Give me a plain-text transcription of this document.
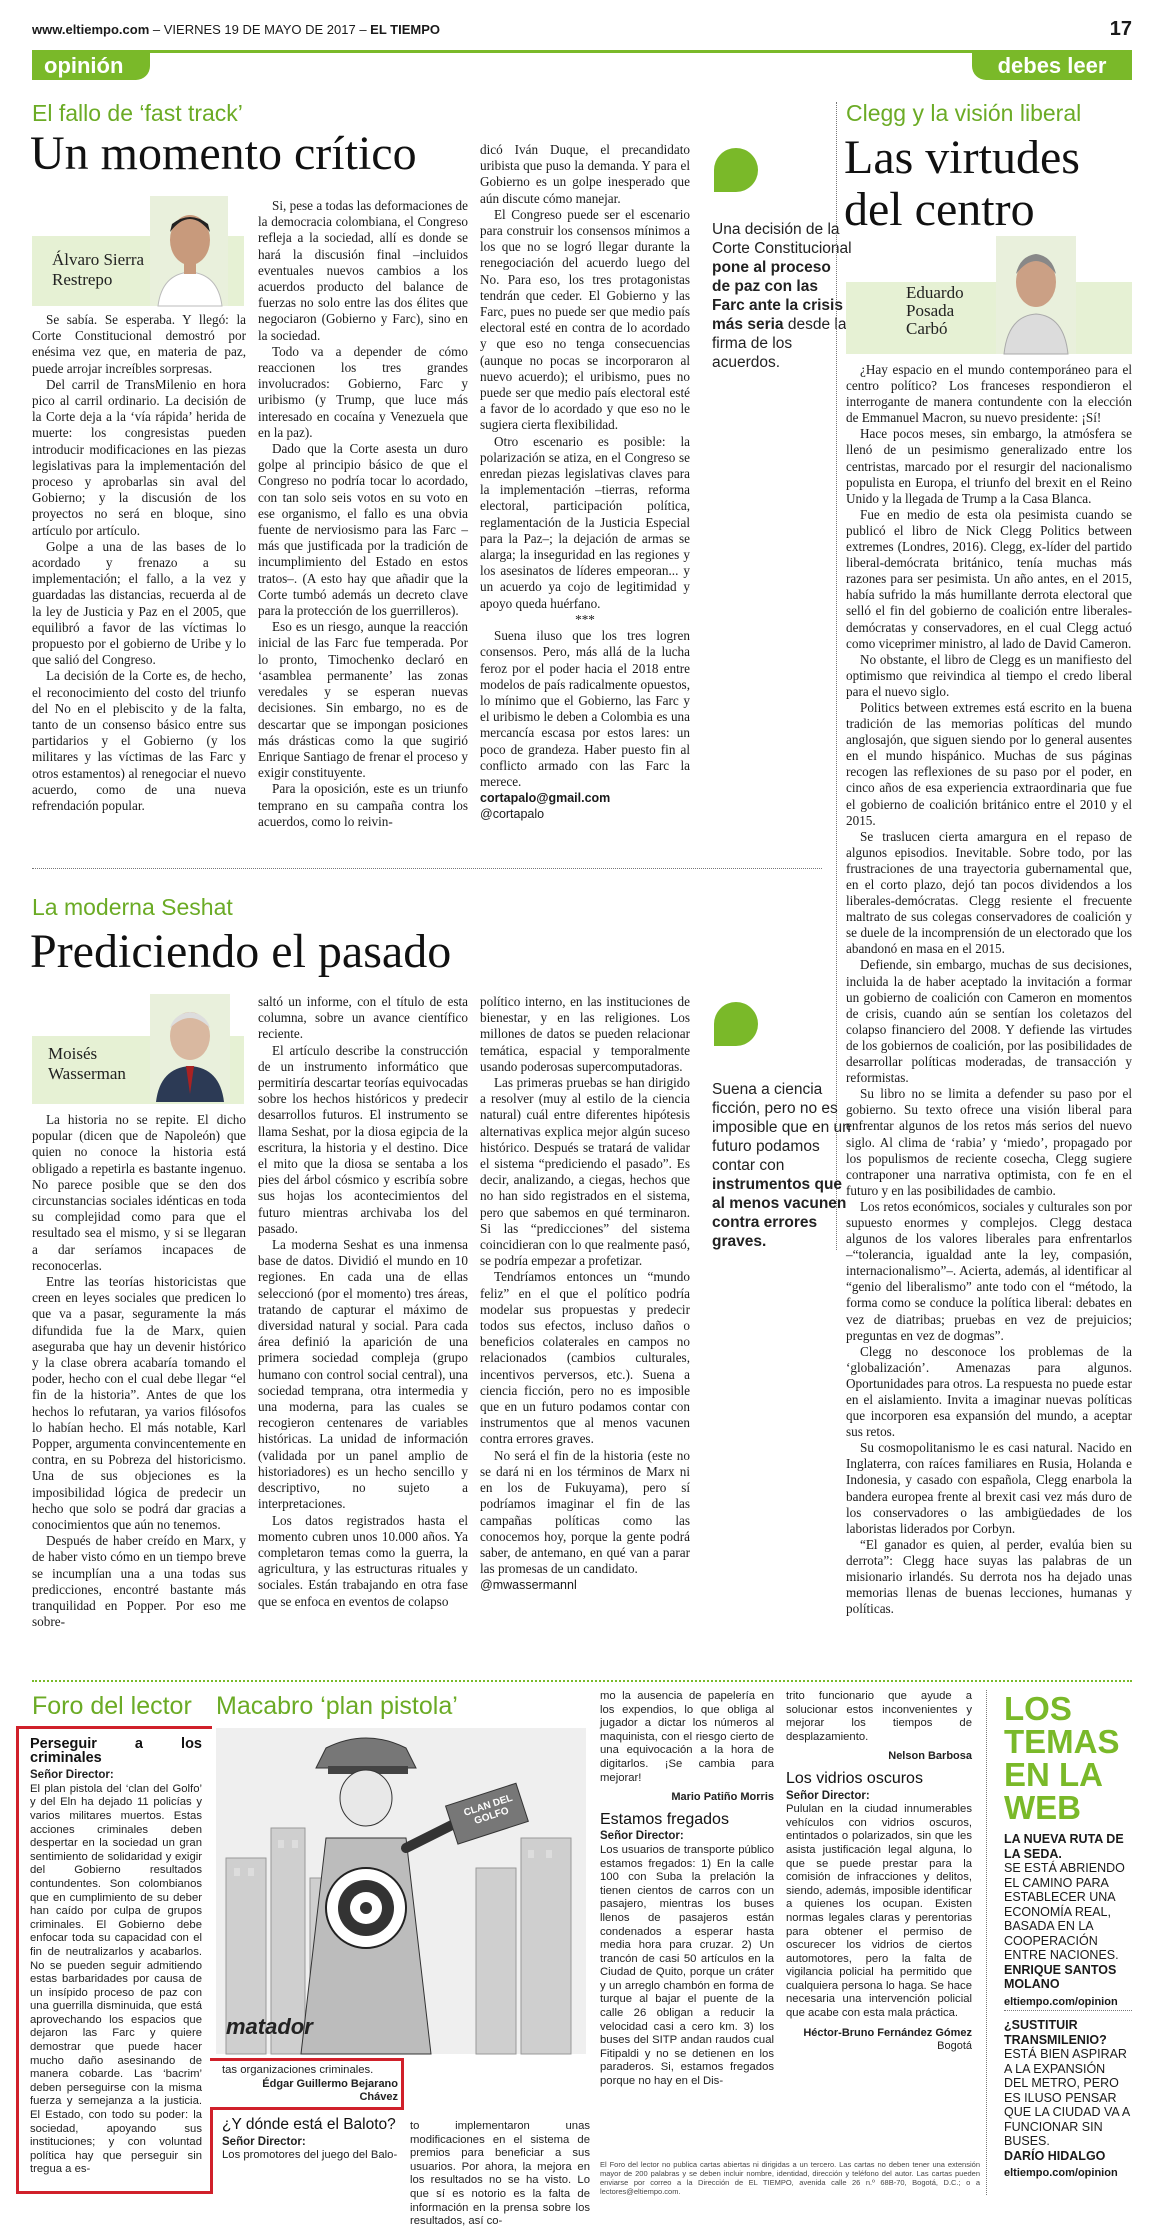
www.eltiempo.com – VIERNES 19 DE MAYO DE 2017 – EL TIEMPO	17
opinión	debes leer
El fallo de ‘fast track’
Un momento crítico
Álvaro Sierra
Restrepo

Se sabía. Se esperaba. Y llegó: la Corte Constitucional demostró por enésima vez que, en materia de paz, puede arrojar increíbles sorpresas.

Del carril de TransMilenio en hora pico al carril ordinario. La decisión de la Corte deja a la ‘vía rápida’ herida de muerte: los congresistas pueden introducir modificaciones en las piezas legislativas para la implementación del proceso y aprobarlas sin aval del Gobierno; y la discusión de los proyectos no será en bloque, sino artículo por artículo.

Golpe a una de las bases de lo acordado y frenazo a su implementación; el fallo, a la vez y guardadas las distancias, recuerda al de la ley de Justicia y Paz en el 2005, que equilibró a favor de las víctimas lo propuesto por el gobierno de Uribe y lo que salió del Congreso.

La decisión de la Corte es, de hecho, el reconocimiento del costo del triunfo del No en el plebiscito y de la falta, tanto de un consenso básico entre sus partidarios y el Gobierno (y los militares y las víctimas de las Farc y otros estamentos) al renegociar el nuevo acuerdo, como de una nueva refrendación popular.

Si, pese a todas las deformaciones de la democracia colombiana, el Congreso refleja a la sociedad, allí es donde se hará la discusión final –incluidos eventuales nuevos cambios a los acuerdos producto del balance de fuerzas no solo entre las dos élites que negociaron (Gobierno y Farc), sino en la sociedad.

Todo va a depender de cómo reaccionen los tres grandes involucrados: Gobierno, Farc y uribismo (y Trump, que luce más interesado en cocaína y Venezuela que en la paz).

Dado que la Corte asesta un duro golpe al principio básico de que el Congreso no podría tocar lo acordado, con tan solo seis votos en su voto en ese organismo, el fallo es una obvia fuente de nerviosismo para las Farc –más que justificada por la tradición de incumplimiento del Estado en estos tratos–. (A esto hay que añadir que la Corte tumbó además un decreto clave para la protección de los guerrilleros).

Eso es un riesgo, aunque la reacción inicial de las Farc fue temperada. Por lo pronto, Timochenko declaró en ‘asamblea permanente’ las zonas veredales y se esperan nuevas decisiones. Sin embargo, no es de descartar que se impongan posiciones más drásticas como la que sugirió Enrique Santiago de frenar el proceso y exigir constituyente.

Para la oposición, este es un triunfo temprano en su campaña contra los acuerdos, como lo reivin-

dicó Iván Duque, el precandidato uribista que puso la demanda. Y para el Gobierno es un golpe inesperado que aún discute cómo manejar.

El Congreso puede ser el escenario para construir los consensos mínimos a los que no se logró llegar durante la renegociación del acuerdo luego del No. Para eso, los tres protagonistas tendrán que ceder. El Gobierno y las Farc, pues no puede ser que medio país electoral esté en contra de lo acordado y que eso no tenga consecuencias (aunque no pocas se incorporaron al nuevo acuerdo); el uribismo, pues no puede ser que medio país electoral esté a favor de lo acordado y que eso no le sugiera cierta flexibilidad.

Otro escenario es posible: la polarización se atiza, en el Congreso se enredan piezas legislativas claves para la implementación –tierras, reforma electoral, participación política, reglamentación de la Justicia Especial para la Paz–; la dejación de armas se alarga; la inseguridad en las regiones y los asesinatos de líderes empeoran... y un acuerdo ya cojo de legitimidad y apoyo queda huérfano.

***

Suena iluso que los tres logren consensos. Pero, más allá de la lucha feroz por el poder hacia el 2018 entre modelos de país radicalmente opuestos, lo mínimo que el Gobierno, las Farc y el uribismo le deben a Colombia es una mercancía escasa por estos lares: un poco de grandeza. Haber puesto fin al conflicto armado con las Farc la merece.

cortapalo@gmail.com

@cortapalo

Una decisión de la Corte Constitucional pone al proceso de paz con las Farc ante la crisis más seria desde la firma de los acuerdos.
La moderna Seshat
Prediciendo el pasado
Moisés
Wasserman

La historia no se repite. El dicho popular (dicen que de Napoleón) que quien no conoce la historia está obligado a repetirla es bastante ingenuo. No parece posible que se den dos circunstancias sociales idénticas en toda su complejidad como para que el resultado sea el mismo, y si se llegaran a dar seríamos incapaces de reconocerlas.

Entre las teorías historicistas que creen en leyes sociales que predicen lo que va a pasar, seguramente la más difundida fue la de Marx, quien aseguraba que hay un devenir histórico y la clase obrera acabaría tomando el poder, hecho con el cual debe llegar “el fin de la historia”. Antes de que los hechos lo refutaran, ya varios filósofos lo habían hecho. El más notable, Karl Popper, argumenta convincentemente en contra, en su Pobreza del historicismo. Una de sus objeciones es la imposibilidad lógica de predecir un hecho que solo se podrá dar gracias a conocimientos que aún no tenemos.

Después de haber creído en Marx, y de haber visto cómo en un tiempo breve se incumplían una a una todas sus predicciones, encontré bastante más tranquilidad en Popper. Por eso me sobre-

saltó un informe, con el título de esta columna, sobre un avance científico reciente.

El artículo describe la construcción de un instrumento informático que permitiría descartar teorías equivocadas sobre los hechos históricos y predecir desarrollos futuros. El instrumento se llama Seshat, por la diosa egipcia de la escritura, la historia y el destino. Dice el mito que la diosa se sentaba a los pies del árbol cósmico y escribía sobre sus hojas los acontecimientos del futuro mientras archivaba los del pasado.

La moderna Seshat es una inmensa base de datos. Dividió el mundo en 10 regiones. En cada una de ellas seleccionó (por el momento) tres áreas, tratando de capturar el máximo de diversidad natural y social. Para cada área definió la aparición de una primera sociedad compleja (grupo humano con control social central), una sociedad temprana, otra intermedia y una moderna, para las cuales se recogieron centenares de variables históricas. La unidad de información (validada por un panel amplio de historiadores) es un hecho sencillo y descriptivo, no sujeto a interpretaciones.

Los datos registrados hasta el momento cubren unos 10.000 años. Ya completaron temas como la guerra, la agricultura, y las estructuras rituales y sociales. Están trabajando en otra fase que se enfoca en eventos de colapso

político interno, en las instituciones de bienestar, y en las religiones. Los millones de datos se pueden relacionar temática, espacial y temporalmente usando poderosas supercomputadoras.

Las primeras pruebas se han dirigido a resolver (muy al estilo de la ciencia natural) cuál entre diferentes hipótesis alternativas explica mejor algún suceso histórico. Después se tratará de validar el sistema “prediciendo el pasado”. Es decir, analizando, a ciegas, hechos que no han sido registrados en el sistema, pero que sabemos en qué terminaron. Si las “predicciones” del sistema coincidieran con lo que realmente pasó, se podría empezar a profetizar.

Tendríamos entonces un “mundo feliz” en el que el político podría modelar sus propuestas y predecir todos sus efectos, incluso daños o beneficios colaterales en campos no relacionados (cambios culturales, incentivos perversos, etc.). Suena a ciencia ficción, pero no es imposible que en un futuro podamos contar con instrumentos que al menos vacunen contra errores graves.

No será el fin de la historia (este no se dará ni en los términos de Marx ni en los de Fukuyama), pero sí podríamos imaginar el fin de las campañas políticas como las conocemos hoy, porque la gente podrá saber, de antemano, en qué van a parar las promesas de un candidato.

@mwassermannl

Suena a ciencia ficción, pero no es imposible que en un futuro podamos contar con instrumentos que al menos vacunen contra errores graves.
Clegg y la visión liberal
Las virtudes
del centro
Eduardo
Posada
Carbó

¿Hay espacio en el mundo contemporáneo para el centro político? Los franceses respondieron el interrogante de manera contundente con la elección de Emmanuel Macron, su nuevo presidente: ¡Sí!

Hace pocos meses, sin embargo, la atmósfera se llenó de un pesimismo generalizado entre los centristas, marcado por el resurgir del nacionalismo populista en Europa, el triunfo del brexit en el Reino Unido y la llegada de Trump a la Casa Blanca.

Fue en medio de esta ola pesimista cuando se publicó el libro de Nick Clegg Politics between extremes (Londres, 2016). Clegg, ex-líder del partido liberal-demócrata británico, tenía muchas más razones para ser pesimista. Un año antes, en el 2015, había sufrido la más humillante derrota electoral que selló el fin del gobierno de coalición entre liberales-demócratas y conservadores, en el cual Clegg actuó como viceprimer ministro, al lado de David Cameron.

No obstante, el libro de Clegg es un manifiesto del optimismo que reivindica al tiempo el credo liberal para el nuevo siglo.

Politics between extremes está escrito en la buena tradición de las memorias políticas del mundo anglosajón, que siguen siendo por lo general ausentes en el mundo hispánico. Muchas de sus páginas recogen las reflexiones de su paso por el poder, en cinco años de esa experiencia extraordinaria que fue el gobierno de coalición británico entre el 2010 y el 2015.

Se traslucen cierta amargura en el repaso de algunos episodios. Inevitable. Sobre todo, por las frustraciones de una trayectoria gubernamental que, en el corto plazo, dejó tan pocos dividendos a los liberales-demócratas. Clegg resiente el frecuente maltrato de sus colegas conservadores de coalición y se duele de la incomprensión de un electorado que los abandonó en masa en el 2015.

Defiende, sin embargo, muchas de sus decisiones, incluida la de haber aceptado la invitación a formar un gobierno de coalición con Cameron en momentos de crisis, cuando aún se sentían los coletazos del colapso financiero del 2008. Y defiende las virtudes de los gobiernos de coalición, por las posibilidades de desarrollar políticas moderadas, de transacción y reformistas.

Su libro no se limita a defender su paso por el gobierno. Su texto ofrece una visión liberal para enfrentar algunos de los retos más serios del nuevo siglo. Al clima de ‘rabia’ y ‘miedo’, propagado por los populismos de reciente cosecha, Clegg sugiere contraponer una narrativa optimista, con fe en el futuro y en las posibilidades de cambio.

Los retos económicos, sociales y culturales son por supuesto enormes y complejos. Clegg destaca algunos de los valores liberales para enfrentarlos –“tolerancia, igualdad ante la ley, compasión, internacionalismo”–. Acierta, además, al identificar al “genio del liberalismo” ante todo con el “método, la forma como se conduce la política liberal: debates en vez de diatribas; pruebas en vez de prejuicios; preguntas en vez de dogmas”.

Clegg no desconoce los problemas de la ‘globalización’. Amenazas para algunos. Oportunidades para otros. La respuesta no puede estar en el aislamiento. Invita a imaginar nuevas políticas que incorporen esa expansión del mundo, a aceptar sus retos.

Su cosmopolitanismo le es casi natural. Nacido en Inglaterra, con raíces familiares en Rusia, Holanda e Indonesia, y casado con española, Clegg enarbola la bandera europea frente al brexit casi vez más duro de los conservadores o las ambigüedades de los laboristas liderados por Corbyn.

“El ganador es quien, al perder, evalúa bien su derrota”: Clegg hace suyas las palabras de un misionario irlandés. Su derrota nos ha dejado unas memorias llenas de buenas lecciones, humanas y políticas.

Foro del lector Macabro ‘plan pistola’
Perseguir a los criminales
Señor Director:
El plan pistola del ‘clan del Golfo’ y del Eln ha dejado 11 policías y varios militares muertos. Estas acciones criminales deben despertar en la sociedad un gran sentimiento de solidaridad y exigir del Gobierno resultados contundentes. Son colombianos que en cumplimiento de su deber han caído por culpa de grupos criminales. El Gobierno debe enfocar toda su capacidad con el fin de neutralizarlos y acabarlos. No se pueden seguir admitiendo estas barbaridades por causa de un insípido proceso de paz con una guerrilla disminuida, que está aprovechando los espacios que dejaron las Farc y quiere demostrar que puede hacer mucho daño asesinando de manera cobarde. Las ‘bacrim’ deben perseguirse con la misma fuerza y semejanza a la justicia. El Estado, con todo su poder: la sociedad, apoyando sus instituciones; y con voluntad política hay que perseguir sin tregua a es-
tas organizaciones criminales.
Édgar Guillermo Bejarano Chávez
¿Y dónde está el Baloto?
Señor Director:
Los promotores del juego del Balo-
CLAN DEL GOLFO
matador
mo la ausencia de papelería en los expendios, lo que obliga al jugador a dictar los números al maquinista, con el riesgo cierto de una equivocación a la hora de digitarlos. ¡Se cambia para mejorar!
Mario Patiño Morris
Estamos fregados
Señor Director:
Los usuarios de transporte público estamos fregados: 1) En la calle 100 con Suba la prelación la tienen cientos de carros con un pasajero, mientras los buses llenos de pasajeros están condenados a esperar hasta media hora para cruzar. 2) Un trancón de casi 50 artículos en la Ciudad de Quito, porque un cráter y un arreglo chambón en forma de turque al bajar el puente de la calle 26 obligan a reducir la velocidad casi a cero km. 3) los buses del SITP andan raudos cual Fitipaldi y no se detienen en los paraderos. Si, estamos fregados porque no hay en el Dis-
to implementaron unas modificaciones en el sistema de premios para beneficiar a sus usuarios. Por ahora, la mejora en los resultados no se ha visto. Lo que sí es notorio es la falta de información en la prensa sobre los resultados, así co-
trito funcionario que ayude a solucionar estos inconvenientes y mejorar los tiempos de desplazamiento.
Nelson Barbosa
Los vidrios oscuros
Señor Director:
Pululan en la ciudad innumerables vehículos con vidrios oscuros, entintados o polarizados, sin que les asista justificación legal alguna, lo que se puede prestar para la comisión de infracciones y delitos, siendo, además, imposible identificar a quienes los ocupan. Existen normas legales claras y perentorias para obtener el permiso de oscurecer los vidrios de ciertos automotores, pero la falta de vigilancia policial ha permitido que cualquiera persona lo haga. Se hace necesaria una intervención policial que acabe con esta mala práctica.
Héctor-Bruno Fernández Gómez
Bogotá
El Foro del lector no publica cartas abiertas ni dirigidas a un tercero. Las cartas no deben tener una extensión mayor de 200 palabras y se deben incluir nombre, identidad, dirección y teléfono del autor. Las cartas pueden enviarse por correo a la Dirección de EL TIEMPO, avenida calle 26 n.º 68B-70, Bogotá, D.C.; o a lectores@eltiempo.com.
LOS
TEMAS
EN LA
WEB
LA NUEVA RUTA DE LA SEDA.
SE ESTÁ ABRIENDO EL CAMINO PARA ESTABLECER UNA ECONOMÍA REAL, BASADA EN LA COOPERACIÓN ENTRE NACIONES.
ENRIQUE SANTOS MOLANO
eltiempo.com/opinion
¿SUSTITUIR TRANSMILENIO?
ESTÁ BIEN ASPIRAR A LA EXPANSIÓN DEL METRO, PERO ES ILUSO PENSAR QUE LA CIUDAD VA A FUNCIONAR SIN BUSES.
DARÍO HIDALGO
eltiempo.com/opinion
